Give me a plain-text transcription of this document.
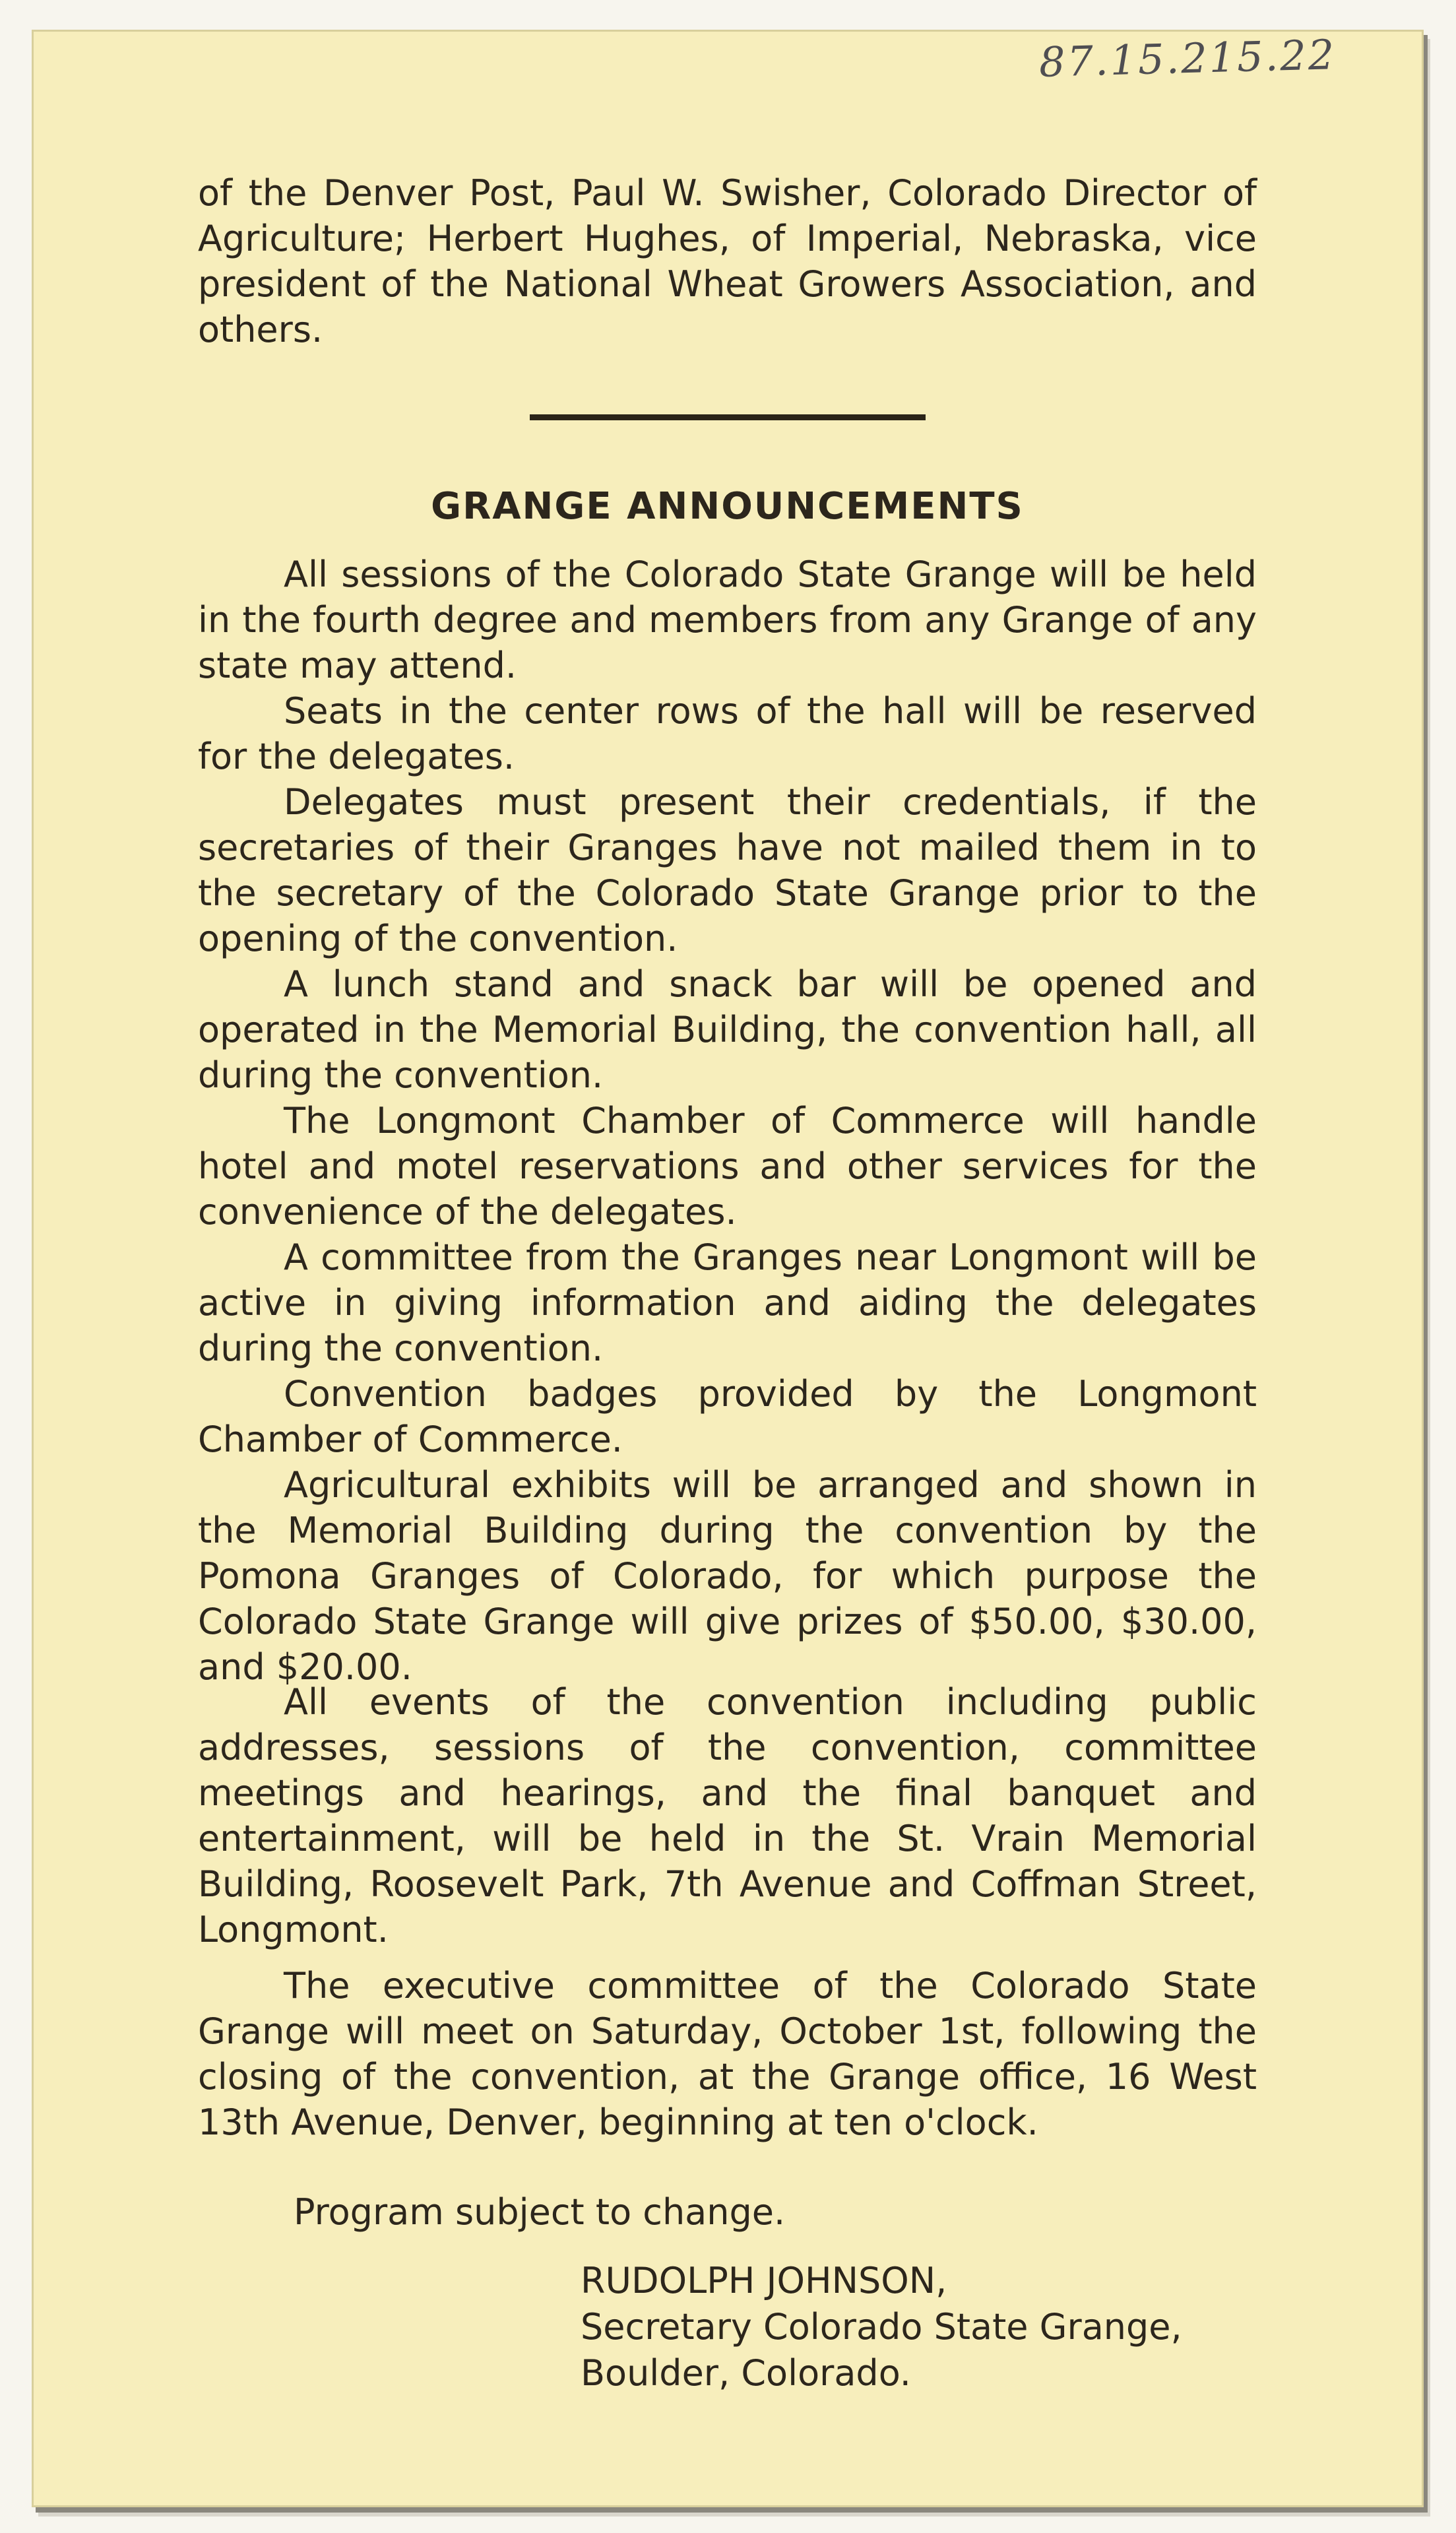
87.15.215.22

of the Denver Post, Paul W. Swisher, Colorado Director of Agriculture; Herbert Hughes, of Imperial, Nebraska, vice president of the National Wheat Growers Association, and others.

GRANGE ANNOUNCEMENTS

All sessions of the Colorado State Grange will be held in the fourth degree and members from any Grange of any state may attend.

Seats in the center rows of the hall will be reserved for the delegates.

Delegates must present their credentials, if the secretaries of their Granges have not mailed them in to the secretary of the Colorado State Grange prior to the opening of the convention.

A lunch stand and snack bar will be opened and operated in the Memorial Building, the convention hall, all during the convention.

The Longmont Chamber of Commerce will handle hotel and motel reservations and other services for the convenience of the delegates.

A committee from the Granges near Longmont will be active in giving information and aiding the delegates during the convention.

Convention badges provided by the Longmont Chamber of Commerce.

Agricultural exhibits will be arranged and shown in the Memorial Building during the convention by the Pomona Granges of Colorado, for which purpose the Colorado State Grange will give prizes of $50.00, $30.00, and $20.00.

All events of the convention including public addresses, sessions of the convention, committee meetings and hearings, and the final banquet and entertainment, will be held in the St. Vrain Memorial Building, Roosevelt Park, 7th Avenue and Coffman Street, Longmont.

The executive committee of the Colorado State Grange will meet on Saturday, October 1st, following the closing of the convention, at the Grange office, 16 West 13th Avenue, Denver, beginning at ten o'clock.

Program subject to change.
RUDOLPH JOHNSON,
Secretary Colorado State Grange,
Boulder, Colorado.
